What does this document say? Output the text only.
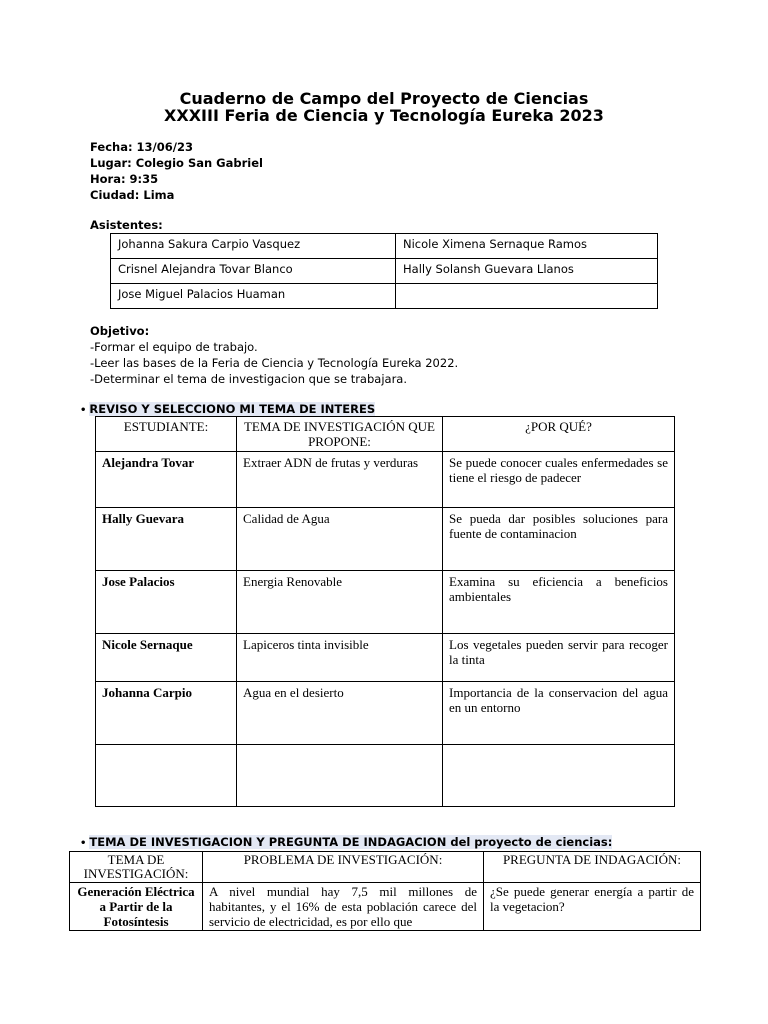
Cuaderno de Campo del Proyecto de Ciencias
XXXIII Feria de Ciencia y Tecnología Eureka 2023
Fecha: 13/06/23
Lugar: Colegio San Gabriel
Hora: 9:35
Ciudad: Lima
Asistentes:
Johanna Sakura Carpio Vasquez	Nicole Ximena Sernaque Ramos
Crisnel Alejandra Tovar Blanco	Hally Solansh Guevara Llanos
Jose Miguel Palacios Huaman	
Objetivo:
-Formar el equipo de trabajo.
-Leer las bases de la Feria de Ciencia y Tecnología Eureka 2022.
-Determinar el tema de investigacion que se trabajara.
• REVISO Y SELECCIONO MI TEMA DE INTERES
ESTUDIANTE:	TEMA DE INVESTIGACIÓN QUE PROPONE:	¿POR QUÉ?
Alejandra Tovar	Extraer ADN de frutas y verduras	Se puede conocer cuales enfermedades se tiene el riesgo de padecer
Hally Guevara	Calidad de Agua	Se pueda dar posibles soluciones para fuente de contaminacion
Jose Palacios	Energia Renovable	Examina su eficiencia a beneficios ambientales
Nicole Sernaque	Lapiceros tinta invisible	Los vegetales pueden servir para recoger la tinta
Johanna Carpio	Agua en el desierto	Importancia de la conservacion del agua en un entorno

• TEMA DE INVESTIGACION Y PREGUNTA DE INDAGACION del proyecto de ciencias:
TEMA DE INVESTIGACIÓN:	PROBLEMA DE INVESTIGACIÓN:	PREGUNTA DE INDAGACIÓN:
Generación Eléctrica a Partir de la Fotosíntesis	A nivel mundial hay 7,5 mil millones de habitantes, y el 16% de esta población carece del servicio de electricidad, es por ello que	¿Se puede generar energía a partir de la vegetacion?
